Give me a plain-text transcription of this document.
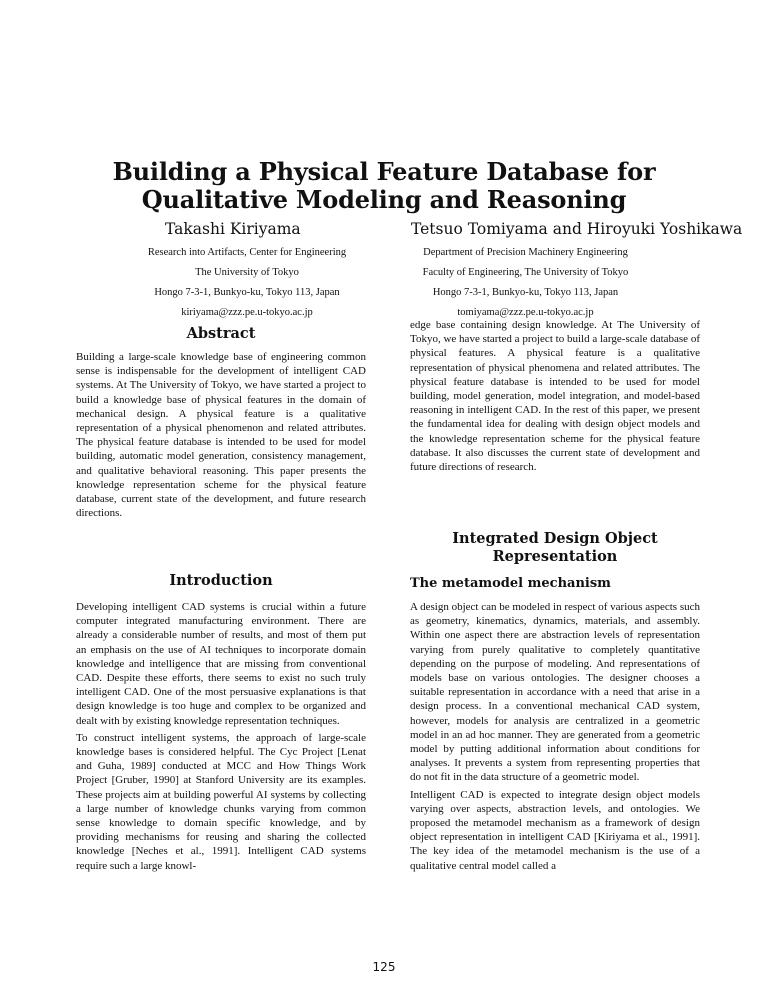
Building a Physical Feature Database for
Qualitative Modeling and Reasoning
Takashi Kiriyama	Tetsuo Tomiyama and Hiroyuki Yoshikawa
Research into Artifacts, Center for Engineering
The University of Tokyo
Hongo 7-3-1, Bunkyo-ku, Tokyo 113, Japan
kiriyama@zzz.pe.u-tokyo.ac.jp
Department of Precision Machinery Engineering
Faculty of Engineering, The University of Tokyo
Hongo 7-3-1, Bunkyo-ku, Tokyo 113, Japan
tomiyama@zzz.pe.u-tokyo.ac.jp
Abstract

Building a large-scale knowledge base of engineering common sense is indispensable for the development of intelligent CAD systems. At The University of Tokyo, we have started a project to build a knowledge base of physical features in the domain of mechanical design. A physical feature is a qualitative representation of a physical phenomenon and related attributes. The physical feature database is intended to be used for model building, automatic model generation, consistency management, and qualitative behavioral reasoning. This paper presents the knowledge representation scheme for the physical feature database, current state of the development, and future research directions.

Introduction

Developing intelligent CAD systems is crucial within a future computer integrated manufacturing environment. There are already a considerable number of results, and most of them put an emphasis on the use of AI techniques to incorporate domain knowledge and intelligence that are missing from conventional CAD. Despite these efforts, there seems to exist no such truly intelligent CAD. One of the most persuasive explanations is that design knowledge is too huge and complex to be organized and dealt with by existing knowledge representation techniques.

To construct intelligent systems, the approach of large-scale knowledge bases is considered helpful. The Cyc Project [Lenat and Guha, 1989] conducted at MCC and How Things Work Project [Gruber, 1990] at Stanford University are its examples. These projects aim at building powerful AI systems by collecting a large number of knowledge chunks varying from common sense knowledge to domain specific knowledge, and by providing mechanisms for reusing and sharing the collected knowledge [Neches et al., 1991]. Intelligent CAD systems require such a large knowl-

edge base containing design knowledge. At The University of Tokyo, we have started a project to build a large-scale database of physical features. A physical feature is a qualitative representation of physical phenomena and related attributes. The physical feature database is intended to be used for model building, model generation, model integration, and model-based reasoning in intelligent CAD. In the rest of this paper, we present the fundamental idea for dealing with design object models and the knowledge representation scheme for the physical feature database. It also discusses the current state of development and future directions of research.

Integrated Design Object
Representation
The metamodel mechanism

A design object can be modeled in respect of various aspects such as geometry, kinematics, dynamics, materials, and assembly. Within one aspect there are abstraction levels of representation varying from purely qualitative to completely quantitative depending on the purpose of modeling. And representations of models base on various ontologies. The designer chooses a suitable representation in accordance with a need that arise in a design process. In a conventional mechanical CAD system, however, models for analysis are centralized in a geometric model in an ad hoc manner. They are generated from a geometric model by putting additional information about conditions for analyses. It prevents a system from representing properties that do not fit in the data structure of a geometric model.

Intelligent CAD is expected to integrate design object models varying over aspects, abstraction levels, and ontologies. We proposed the metamodel mechanism as a framework of design object representation in intelligent CAD [Kiriyama et al., 1991]. The key idea of the metamodel mechanism is the use of a qualitative central model called a

125
